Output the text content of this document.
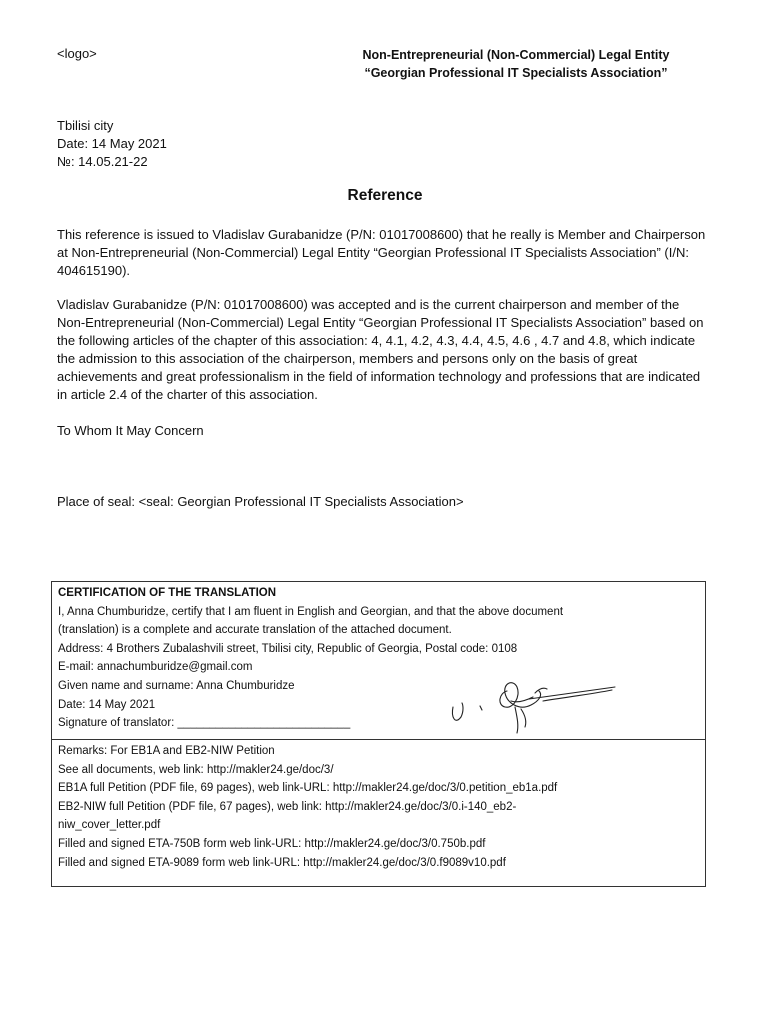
<logo>	Non-Entrepreneurial (Non-Commercial) Legal Entity
“Georgian Professional IT Specialists Association”
Tbilisi city
Date: 14 May 2021
№: 14.05.21-22
Reference

This reference is issued to Vladislav Gurabanidze (P/N: 01017008600) that he really is Member and Chairperson at Non-Entrepreneurial (Non-Commercial) Legal Entity “Georgian Professional IT Specialists Association” (I/N: 404615190).

Vladislav Gurabanidze (P/N: 01017008600) was accepted and is the current chairperson and member of the Non-Entrepreneurial (Non-Commercial) Legal Entity “Georgian Professional IT Specialists Association” based on the following articles of the chapter of this association: 4, 4.1, 4.2, 4.3, 4.4, 4.5, 4.6 , 4.7 and 4.8, which indicate the admission to this association of the chairperson, members and persons only on the basis of great achievements and great professionalism in the field of information technology and professions that are indicated in article 2.4 of the charter of this association.

To Whom It May Concern

Place of seal: <seal: Georgian Professional IT Specialists Association>

CERTIFICATION OF THE TRANSLATION
I, Anna Chumburidze, certify that I am fluent in English and Georgian, and that the above document
(translation) is a complete and accurate translation of the attached document.
Address: 4 Brothers Zubalashvili street, Tbilisi city, Republic of Georgia, Postal code: 0108
E-mail: annachumburidze@gmail.com
Given name and surname: Anna Chumburidze
Date: 14 May 2021
Signature of translator: ___________________________
Remarks: For EB1A and EB2-NIW Petition
See all documents, web link: http://makler24.ge/doc/3/
EB1A full Petition (PDF file, 69 pages), web link-URL: http://makler24.ge/doc/3/0.petition_eb1a.pdf
EB2-NIW full Petition (PDF file, 67 pages), web link: http://makler24.ge/doc/3/0.i-140_eb2-
niw_cover_letter.pdf
Filled and signed ETA-750B form web link-URL: http://makler24.ge/doc/3/0.750b.pdf
Filled and signed ETA-9089 form web link-URL: http://makler24.ge/doc/3/0.f9089v10.pdf
